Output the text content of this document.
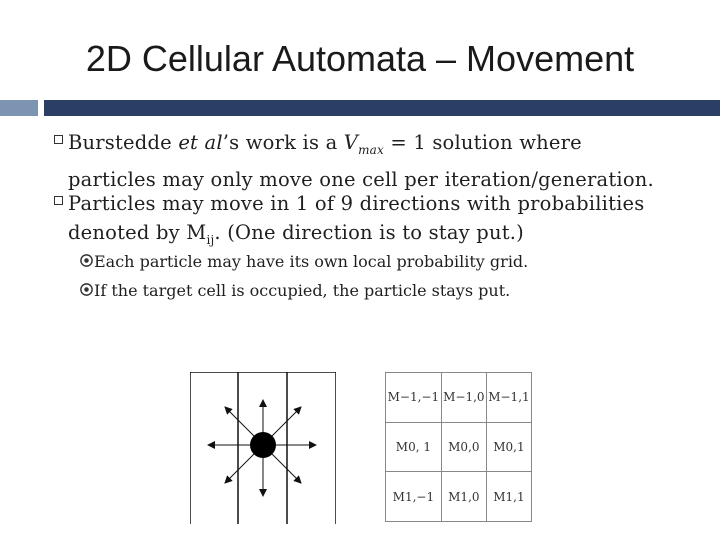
2D Cellular Automata – Movement
Burstedde et al’s work is a $V_{max} = 1$ solution where particles may only move one cell per iteration/generation.
Particles may move in 1 of 9 directions with probabilities denoted by $M_{ij}$. (One direction is to stay put.)
Each particle may have its own local probability grid.
If the target cell is occupied, the particle stays put.
M−1,−1	M−1,0	M−1,1
M0, 1	M0,0	M0,1
M1,−1	M1,0	M1,1
